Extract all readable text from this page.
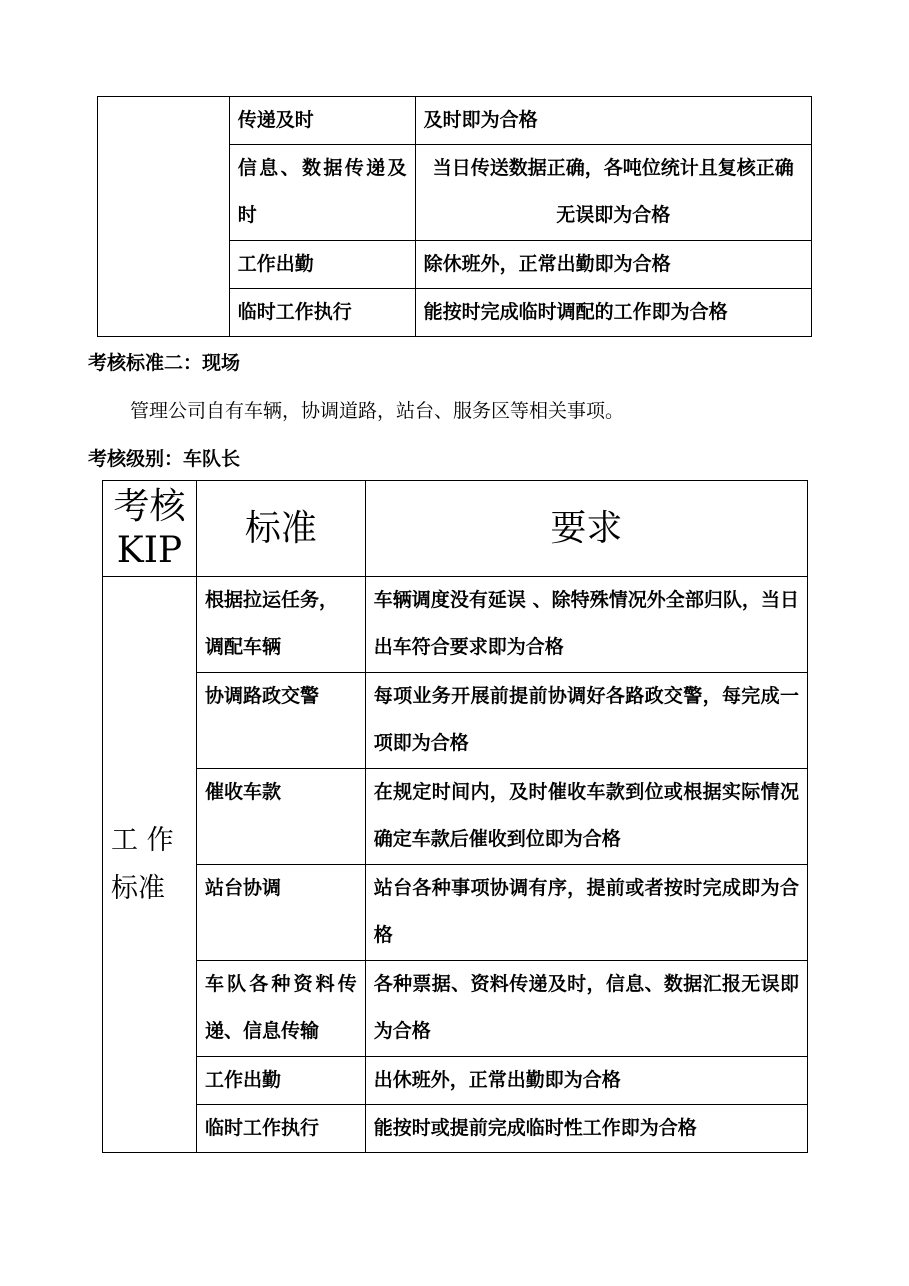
	传递及时	及时即为合格
	信息、数据传递及时	当日传送数据正确，各吨位统计且复核正确无误即为合格
	工作出勤	除休班外，正常出勤即为合格
	临时工作执行	能按时完成临时调配的工作即为合格
考核标准二：现场
管理公司自有车辆，协调道路，站台、服务区等相关事项。
考核级别：车队长
考核KIP	标准	要求
工 作标准	根据拉运任务，调配车辆	车辆调度没有延误 、除特殊情况外全部归队，当日出车符合要求即为合格
	协调路政交警	每项业务开展前提前协调好各路政交警，每完成一项即为合格
	催收车款	在规定时间内，及时催收车款到位或根据实际情况确定车款后催收到位即为合格
	站台协调	站台各种事项协调有序，提前或者按时完成即为合格
	车队各种资料传递、信息传输	各种票据、资料传递及时，信息、数据汇报无误即为合格
	工作出勤	出休班外，正常出勤即为合格
	临时工作执行	能按时或提前完成临时性工作即为合格
